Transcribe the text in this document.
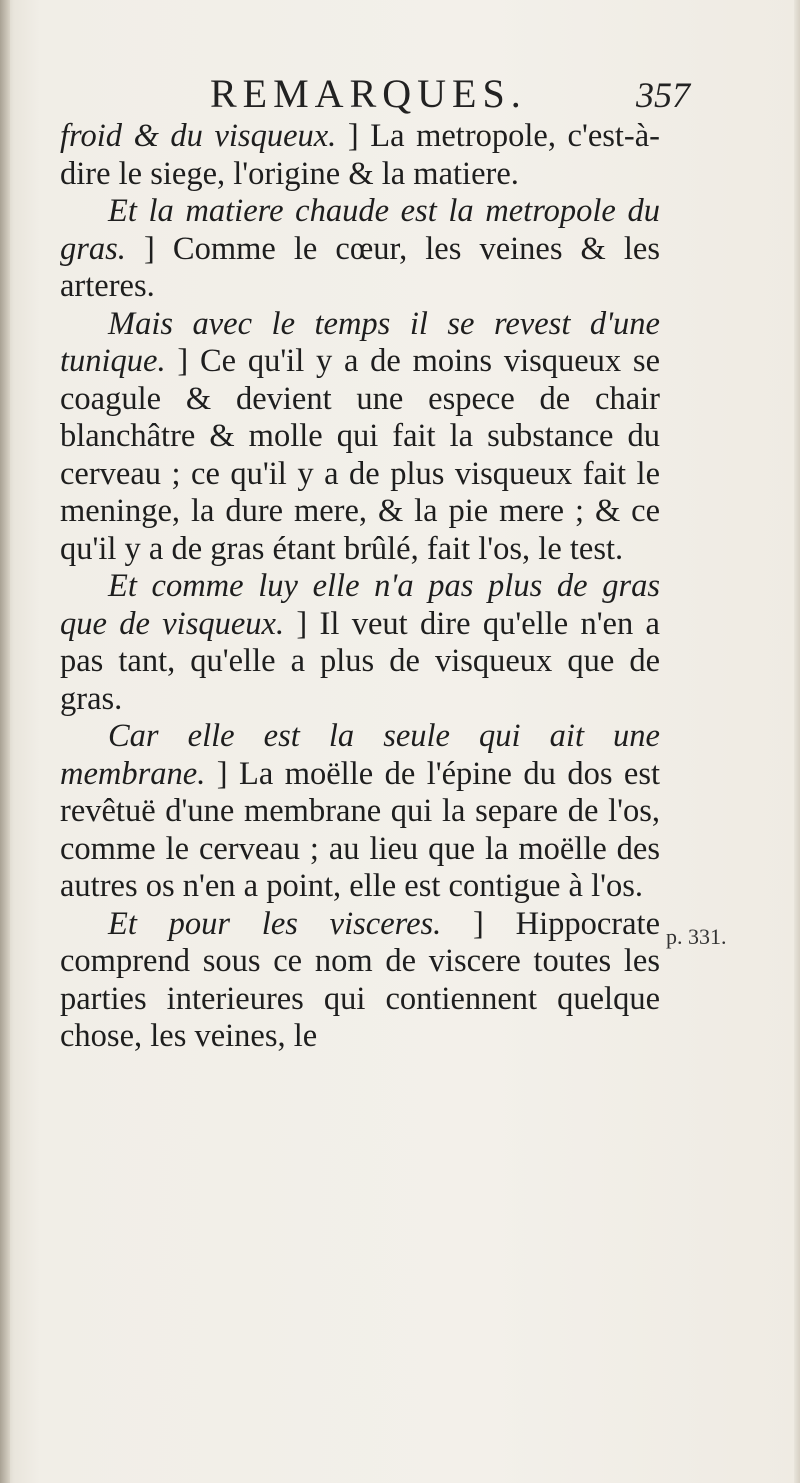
REMARQUES.	357

froid & du visqueux. ] La metropole, c'est-à-dire le siege, l'origine & la matiere.

Et la matiere chaude est la metropole du gras. ] Comme le cœur, les veines & les arteres.

Mais avec le temps il se revest d'une tunique. ] Ce qu'il y a de moins visqueux se coagule & devient une espece de chair blanchâtre & molle qui fait la substance du cerveau ; ce qu'il y a de plus visqueux fait le meninge, la dure mere, & la pie mere ; & ce qu'il y a de gras étant brûlé, fait l'os, le test.

Et comme luy elle n'a pas plus de gras que de visqueux. ] Il veut dire qu'elle n'en a pas tant, qu'elle a plus de visqueux que de gras.

Car elle est la seule qui ait une membrane. ] La moëlle de l'épine du dos est revêtuë d'une membrane qui la separe de l'os, comme le cerveau ; au lieu que la moëlle des autres os n'en a point, elle est contigue à l'os.

Et pour les visceres. ] Hippocrate comprend sous ce nom de viscere toutes les parties interieures qui contiennent quelque chose, les veines, le

p. 331.
